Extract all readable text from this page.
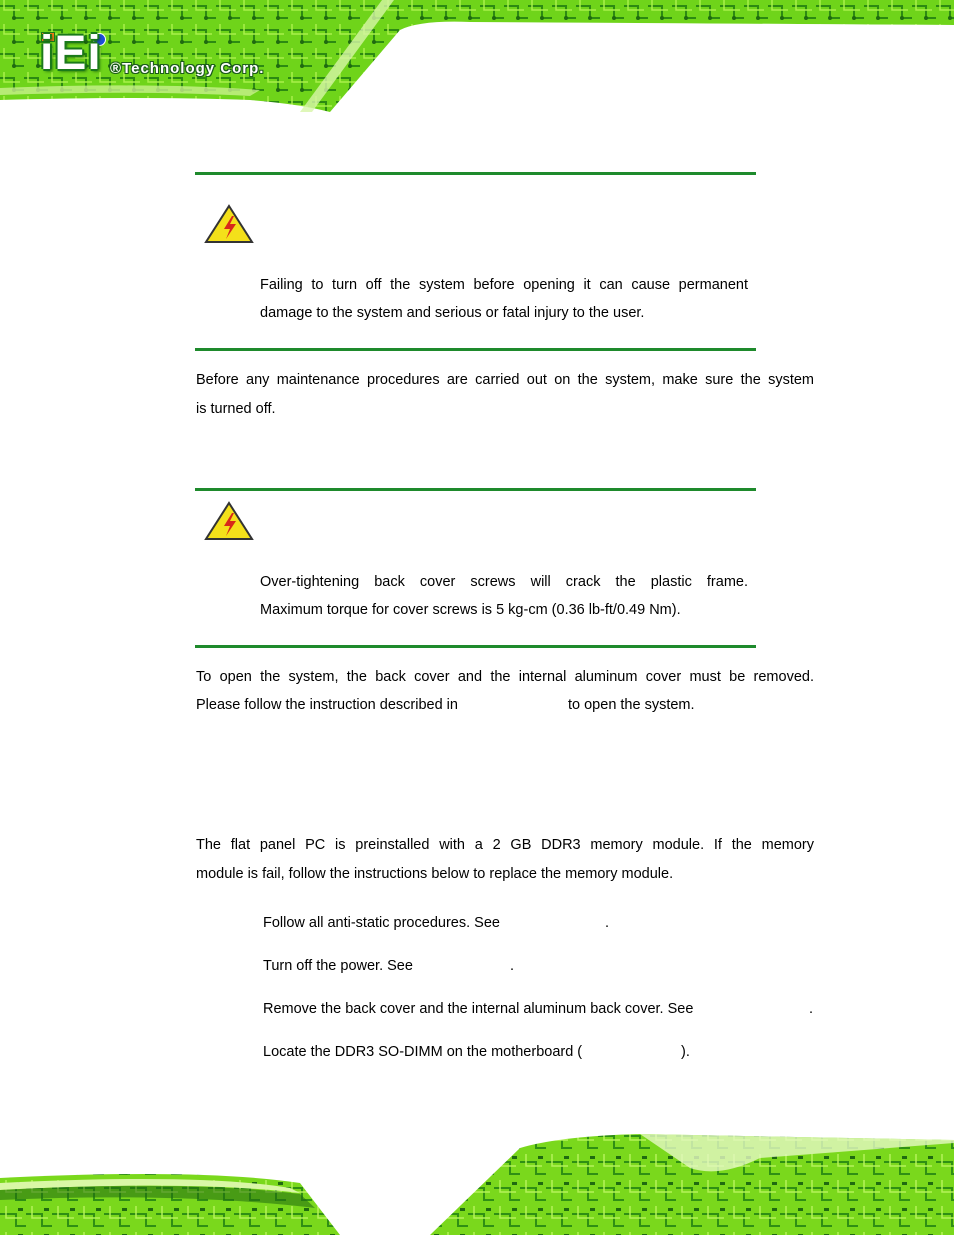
iEi ®Technology Corp.
Failing to turn off the system before opening it can cause permanent
damage to the system and serious or fatal injury to the user.
Before any maintenance procedures are carried out on the system, make sure the system
is turned off.
Over-tightening back cover screws will crack the plastic frame.
Maximum torque for cover screws is 5 kg-cm (0.36 lb-ft/0.49 Nm).
To open the system, the back cover and the internal aluminum cover must be removed.
Please follow the instruction described in	to open the system.
The flat panel PC is preinstalled with a 2 GB DDR3 memory module. If the memory
module is fail, follow the instructions below to replace the memory module.
Follow all anti-static procedures. See	.
Turn off the power. See	.
Remove the back cover and the internal aluminum back cover. See	.
Locate the DDR3 SO-DIMM on the motherboard (	).
